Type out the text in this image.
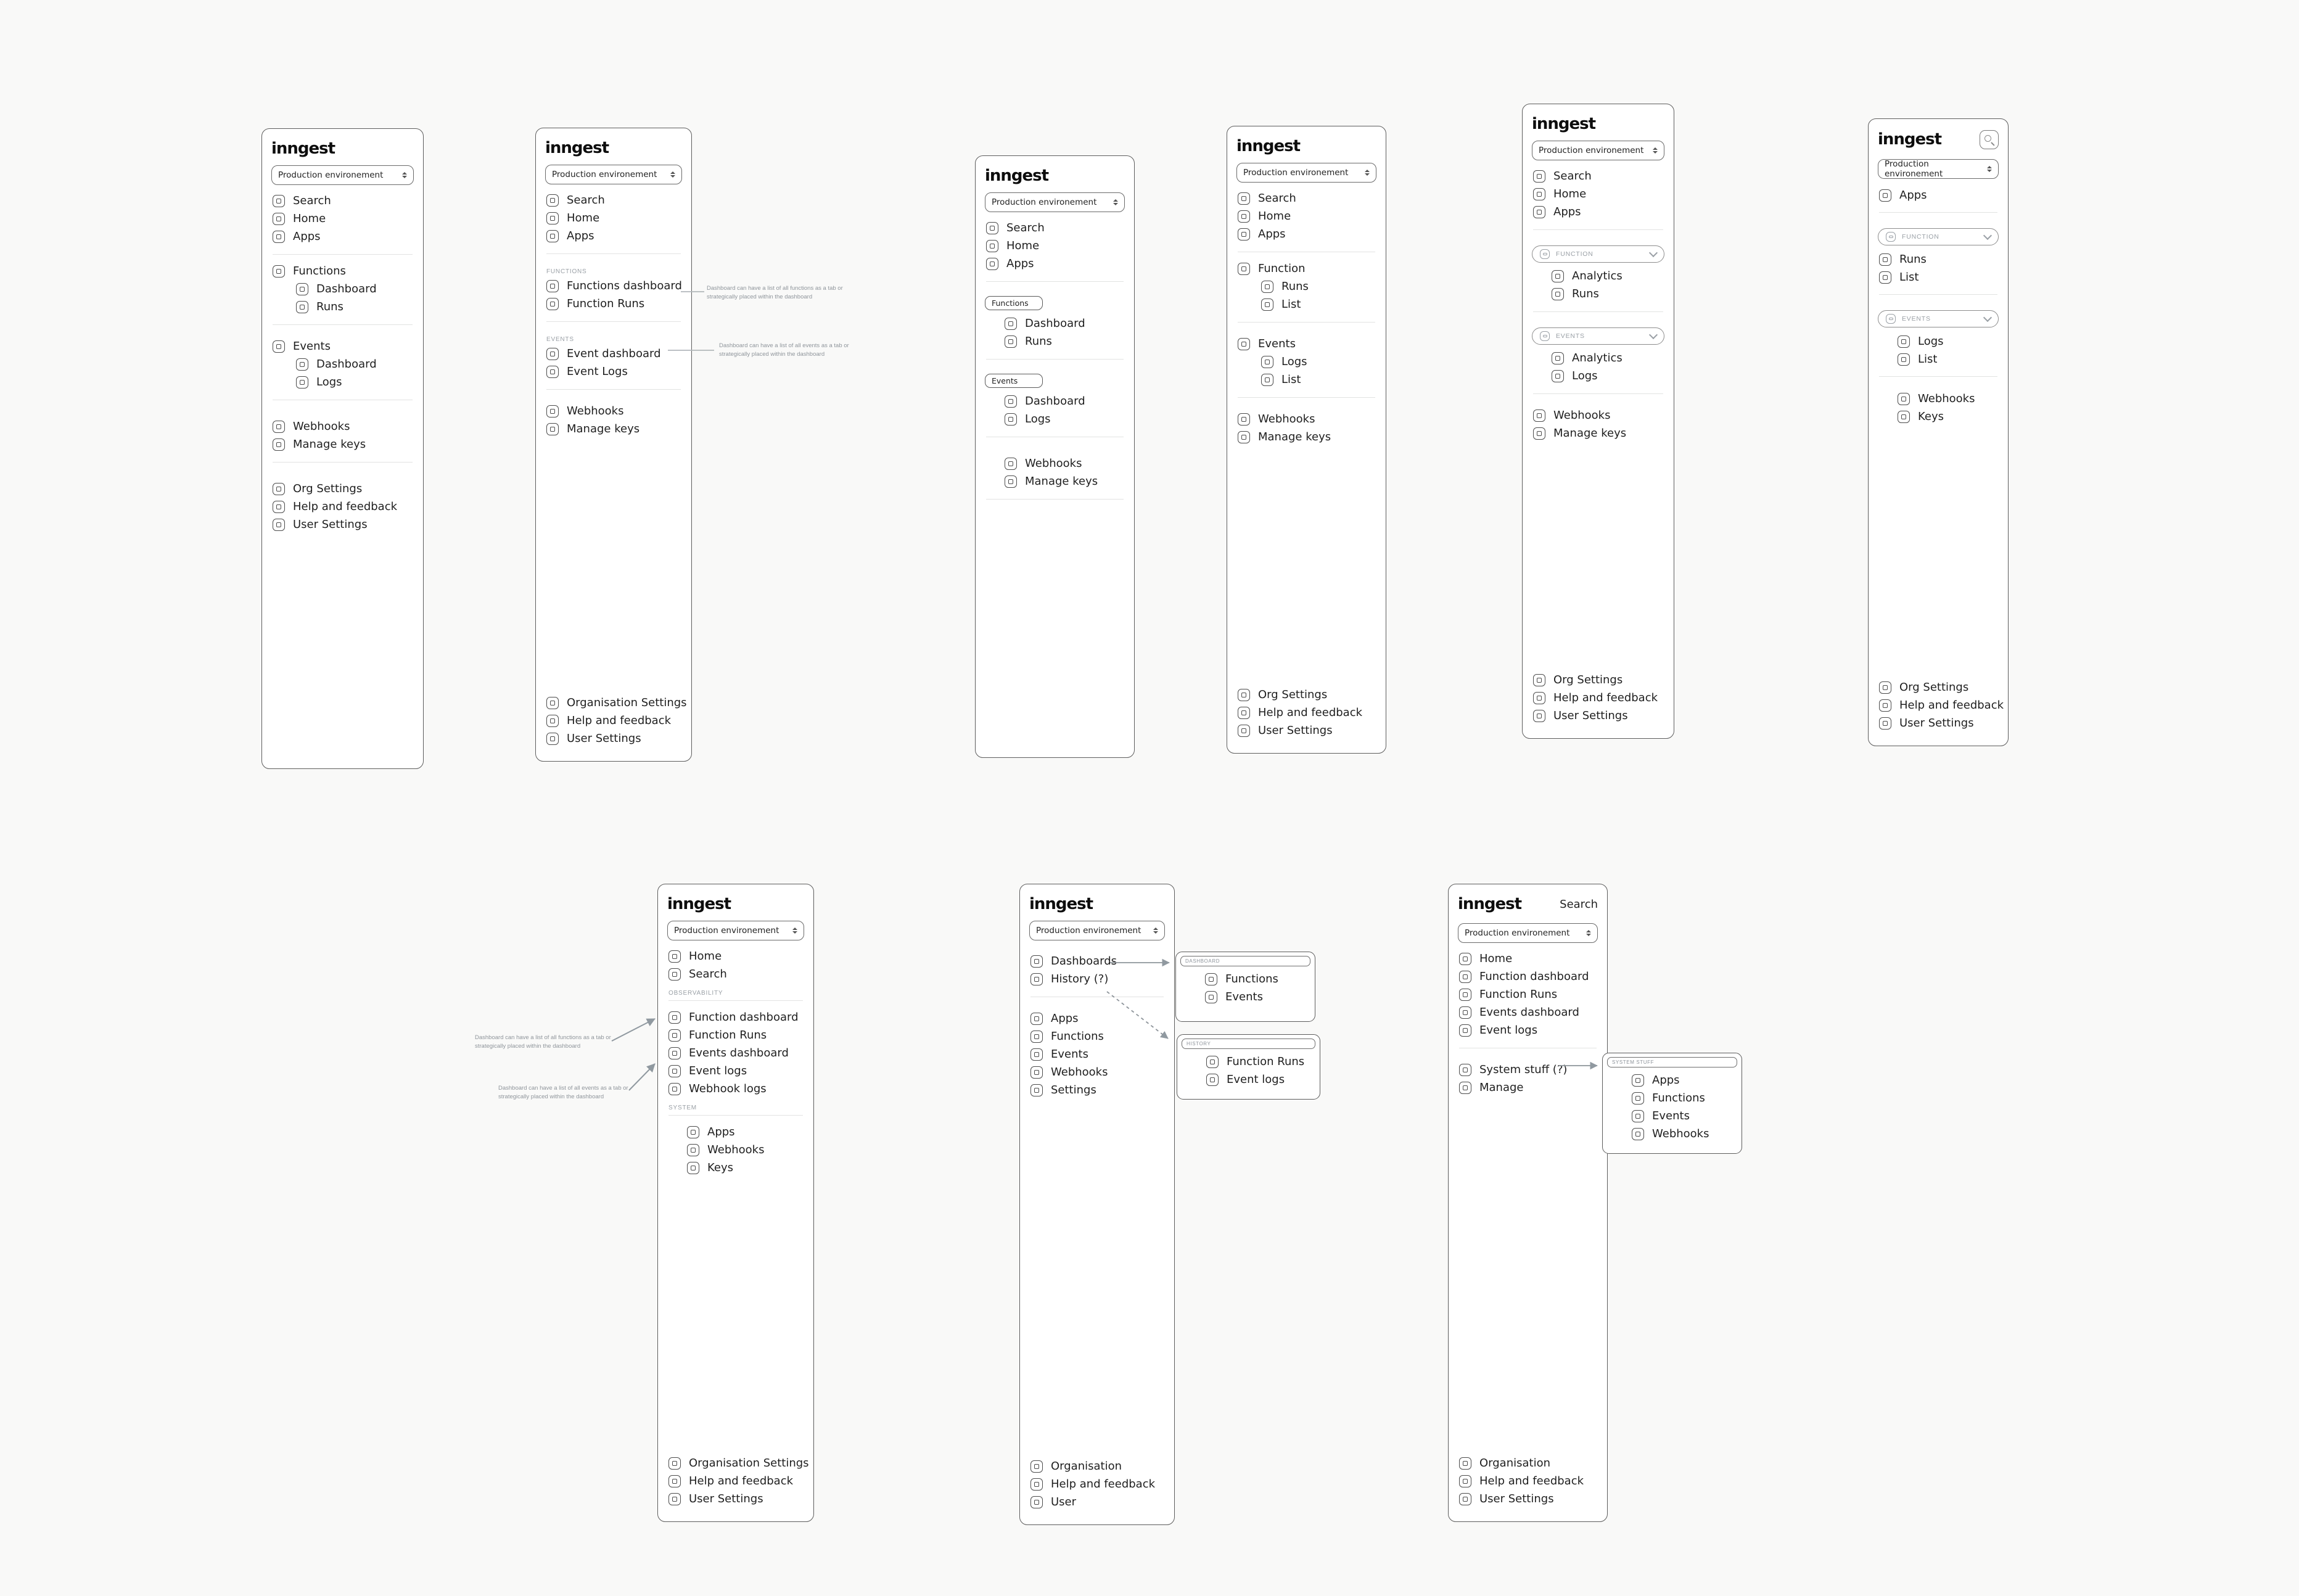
inngest
Production environement
Search
Home
Apps
Functions
Dashboard
Runs
Events
Dashboard
Logs
Webhooks
Manage keys
Org Settings
Help and feedback
User Settings
inngest
Production environement
Search
Home
Apps
FUNCTIONS
Functions dashboard
Function Runs
EVENTS
Event dashboard
Event Logs
Webhooks
Manage keys
Organisation Settings
Help and feedback
User Settings
inngest
Production environement
Search
Home
Apps
Functions
Dashboard
Runs
Events
Dashboard
Logs
Webhooks
Manage keys
inngest
Production environement
Search
Home
Apps
Function
Runs
List
Events
Logs
List
Webhooks
Manage keys
Org Settings
Help and feedback
User Settings
inngest
Production environement
Search
Home
Apps
FUNCTION
Analytics
Runs
EVENTS
Analytics
Logs
Webhooks
Manage keys
Org Settings
Help and feedback
User Settings
inngest
Production environement
Apps
FUNCTION
Runs
List
EVENTS
Logs
List
Webhooks
Keys
Org Settings
Help and feedback
User Settings
inngest
Production environement
Home
Search
OBSERVABILITY
Function dashboard
Function Runs
Events dashboard
Event logs
Webhook logs
SYSTEM
Apps
Webhooks
Keys
Organisation Settings
Help and feedback
User Settings
inngest
Production environement
Dashboards
History (?)
Apps
Functions
Events
Webhooks
Settings
Organisation
Help and feedback
User
inngest	Search
Production environement
Home
Function dashboard
Function Runs
Events dashboard
Event logs
System stuff (?)
Manage
Organisation
Help and feedback
User Settings
DASHBOARD
Functions
Events
HISTORY
Function Runs
Event logs
SYSTEM STUFF
Apps
Functions
Events
Webhooks
Dashboard can have a list of all functions as a tab or strategically placed within the dashboard
Dashboard can have a list of all events as a tab or strategically placed within the dashboard
Dashboard can have a list of all functions as a tab or strategically placed within the dashboard
Dashboard can have a list of all events as a tab or strategically placed within the dashboard
